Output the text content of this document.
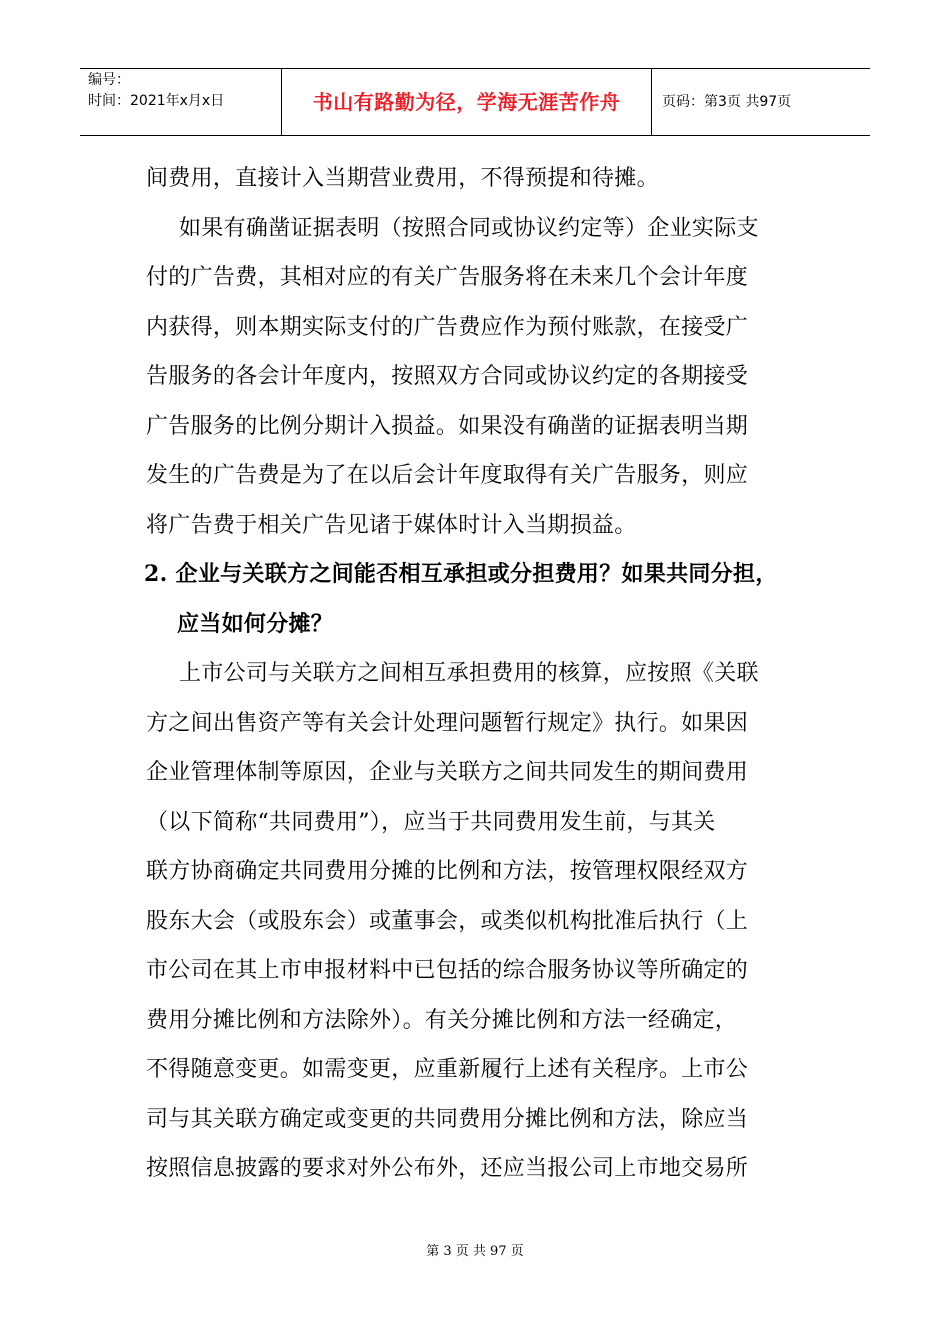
编号：
时间：2021年x月x日	书山有路勤为径，学海无涯苦作舟	页码：第3页 共97页
间费用，直接计入当期营业费用，不得预提和待摊。
如果有确凿证据表明（按照合同或协议约定等）企业实际支
付的广告费，其相对应的有关广告服务将在未来几个会计年度
内获得，则本期实际支付的广告费应作为预付账款，在接受广
告服务的各会计年度内，按照双方合同或协议约定的各期接受
广告服务的比例分期计入损益。如果没有确凿的证据表明当期
发生的广告费是为了在以后会计年度取得有关广告服务，则应
将广告费于相关广告见诸于媒体时计入当期损益。
2. 企业与关联方之间能否相互承担或分担费用？如果共同分担，
应当如何分摊？
上市公司与关联方之间相互承担费用的核算，应按照《关联
方之间出售资产等有关会计处理问题暂行规定》执行。如果因
企业管理体制等原因，企业与关联方之间共同发生的期间费用
（以下简称“共同费用”），应当于共同费用发生前，与其关
联方协商确定共同费用分摊的比例和方法，按管理权限经双方
股东大会（或股东会）或董事会，或类似机构批准后执行（上
市公司在其上市申报材料中已包括的综合服务协议等所确定的
费用分摊比例和方法除外）。有关分摊比例和方法一经确定，
不得随意变更。如需变更，应重新履行上述有关程序。上市公
司与其关联方确定或变更的共同费用分摊比例和方法，除应当
按照信息披露的要求对外公布外，还应当报公司上市地交易所
第 3 页 共 97 页
